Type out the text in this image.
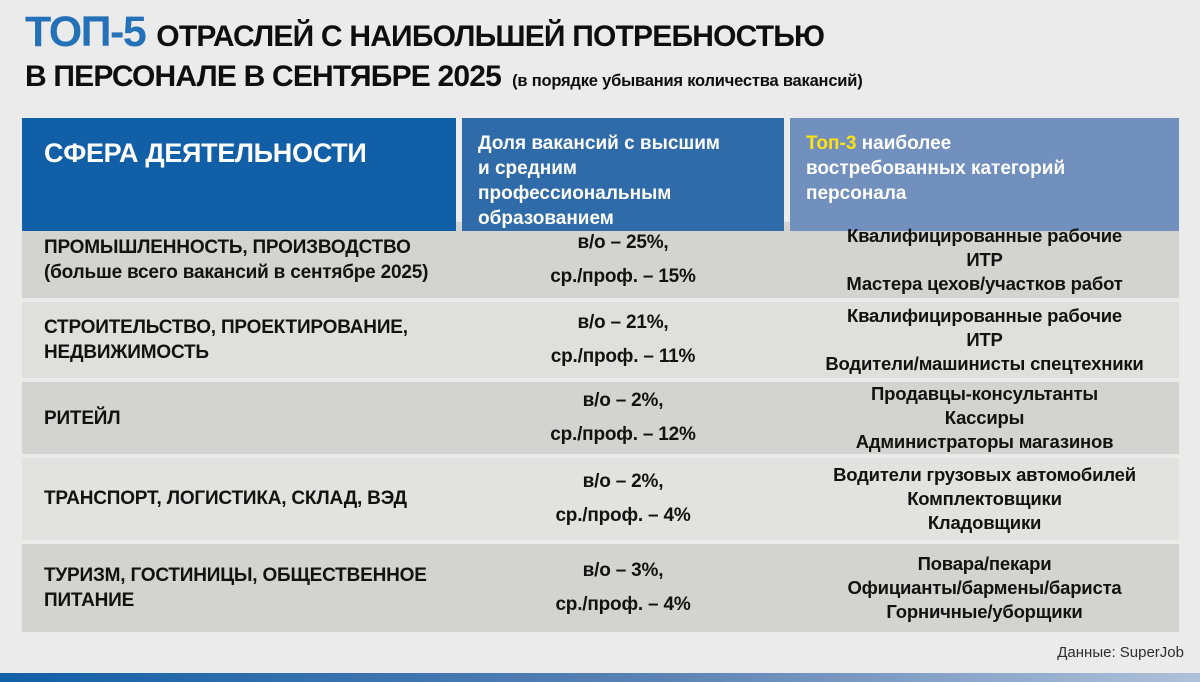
ТОП-5 ОТРАСЛЕЙ С НАИБОЛЬШЕЙ ПОТРЕБНОСТЬЮ
В ПЕРСОНАЛЕ В СЕНТЯБРЕ 2025 (в порядке убывания количества вакансий)
СФЕРА ДЕЯТЕЛЬНОСТИ	Доля вакансий с высшим
и средним профессиональным
образованием
Топ-3 наиболее
востребованных категорий
персонала
ПРОМЫШЛЕННОСТЬ, ПРОИЗВОДСТВО
(больше всего вакансий в сентябре 2025)
в/о – 25%,
ср./проф. – 15%
Квалифицированные рабочие
ИТР
Мастера цехов/участков работ
СТРОИТЕЛЬСТВО, ПРОЕКТИРОВАНИЕ, НЕДВИЖИМОСТЬ
в/о – 21%,
ср./проф. – 11%
Квалифицированные рабочие
ИТР
Водители/машинисты спецтехники
РИТЕЙЛ
в/о – 2%,
ср./проф. – 12%
Продавцы-консультанты
Кассиры
Администраторы магазинов
ТРАНСПОРТ, ЛОГИСТИКА, СКЛАД, ВЭД
в/о – 2%,
ср./проф. – 4%
Водители грузовых автомобилей
Комплектовщики
Кладовщики
ТУРИЗМ, ГОСТИНИЦЫ, ОБЩЕСТВЕННОЕ ПИТАНИЕ
в/о – 3%,
ср./проф. – 4%
Повара/пекари
Официанты/бармены/бариста
Горничные/уборщики
Данные: SuperJob
